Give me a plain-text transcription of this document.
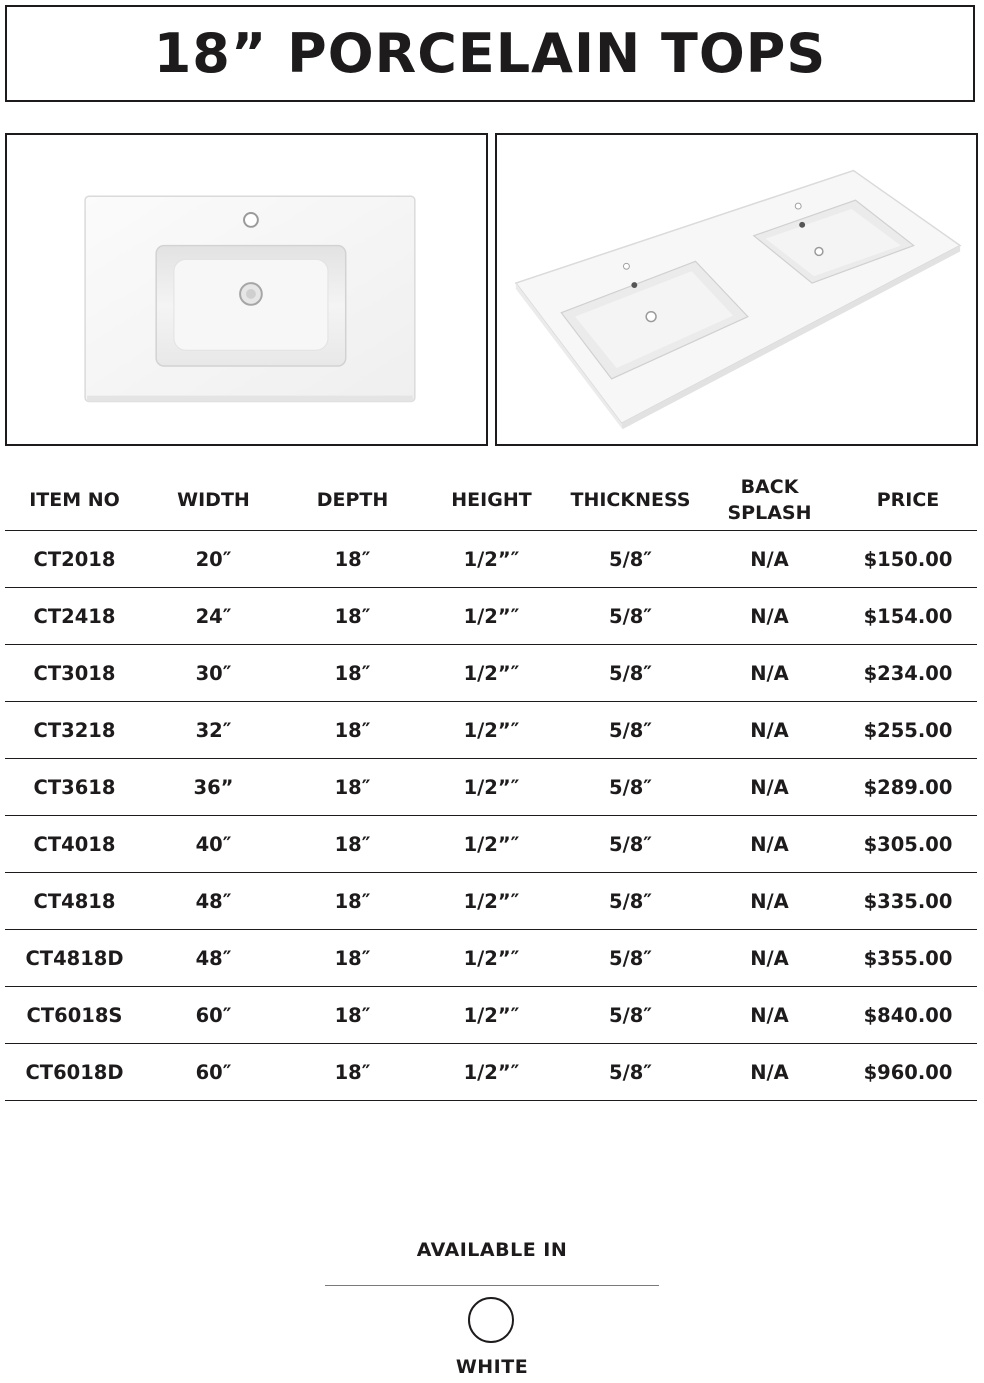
18” PORCELAIN TOPS
ITEM NO	WIDTH	DEPTH	HEIGHT	THICKNESS	BACK SPLASH	PRICE
CT2018	20″	18″	1/2”″	5/8″	N/A	$150.00
CT2418	24″	18″	1/2”″	5/8″	N/A	$154.00
CT3018	30″	18″	1/2”″	5/8″	N/A	$234.00
CT3218	32″	18″	1/2”″	5/8″	N/A	$255.00
CT3618	36”	18″	1/2”″	5/8″	N/A	$289.00
CT4018	40″	18″	1/2”″	5/8″	N/A	$305.00
CT4818	48″	18″	1/2”″	5/8″	N/A	$335.00
CT4818D	48″	18″	1/2”″	5/8″	N/A	$355.00
CT6018S	60″	18″	1/2”″	5/8″	N/A	$840.00
CT6018D	60″	18″	1/2”″	5/8″	N/A	$960.00
AVAILABLE IN
WHITE
